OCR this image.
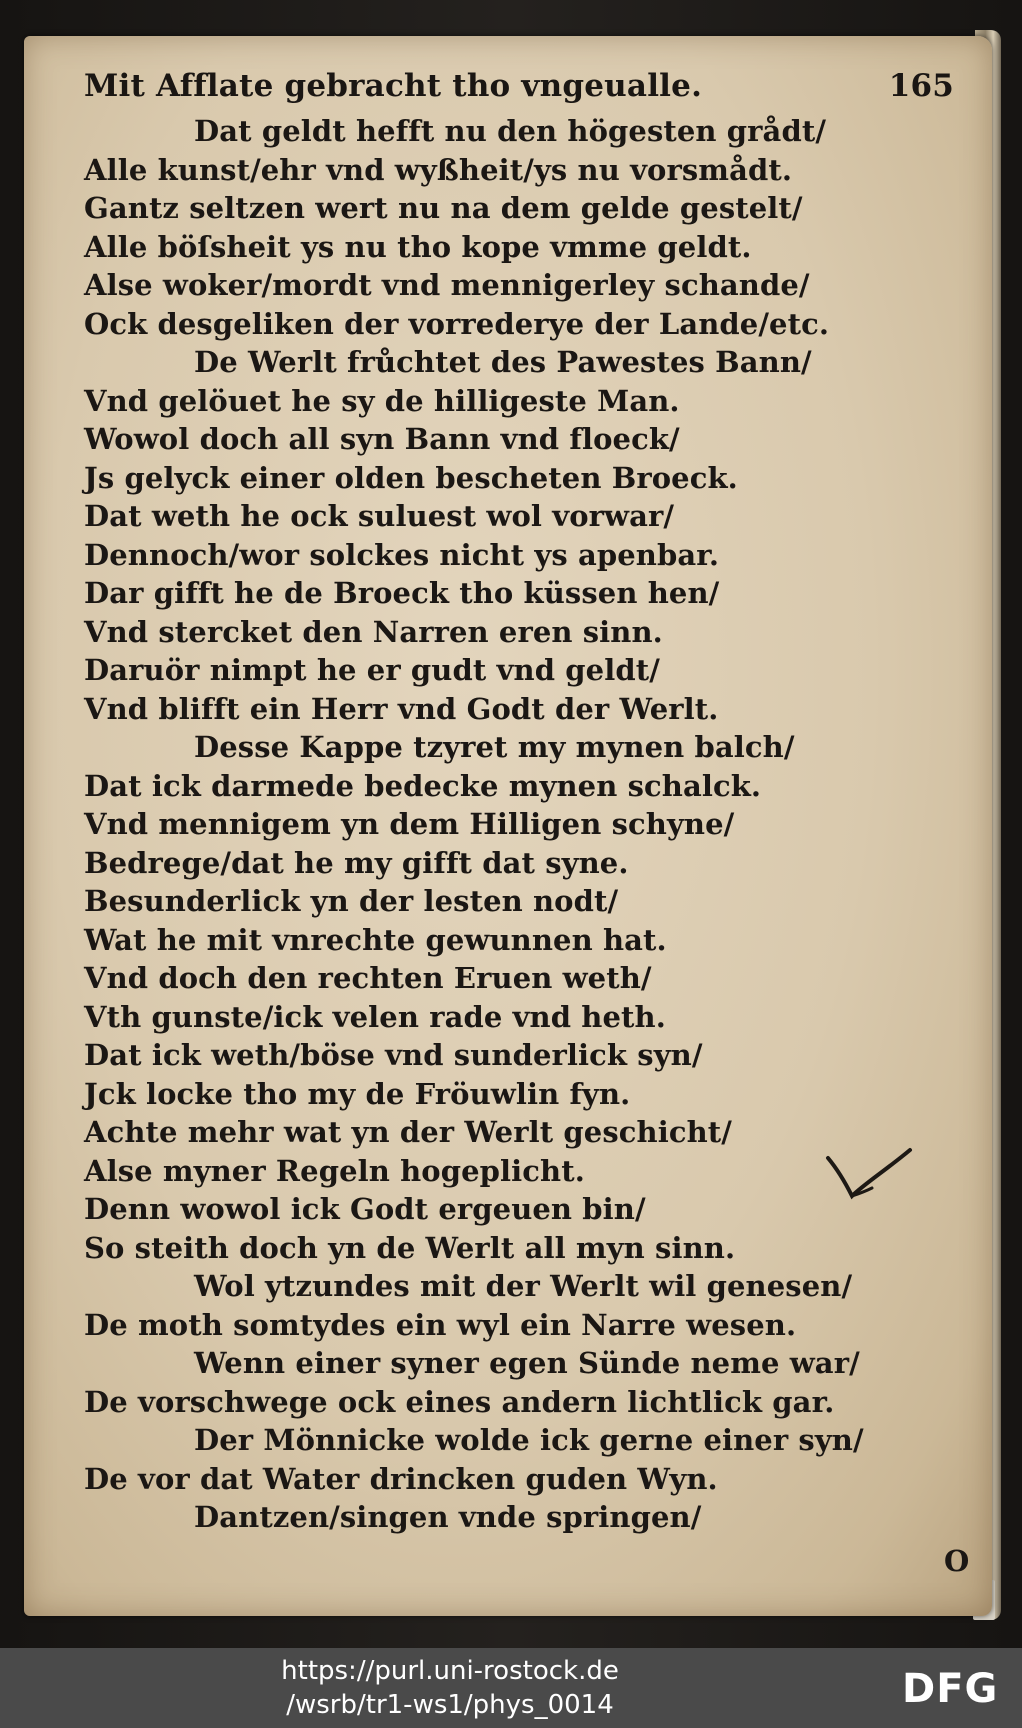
Mit Afflate gebracht tho vngeualle.	165
Dat geldt hefft nu den högesten grådt/
Alle kunst/ehr vnd wyßheit/ys nu vorsmådt.
Gantz seltzen wert nu na dem gelde gestelt/
Alle böſsheit ys nu tho kope vmme geldt.
Alse woker/mordt vnd mennigerley schande/
Ock desgeliken der vorrederye der Lande/etc.
De Werlt frůchtet des Pawestes Bann/
Vnd gelöuet he sy de hilligeste Man.
Wowol doch all syn Bann vnd floeck/
Js gelyck einer olden bescheten Broeck.
Dat weth he ock suluest wol vorwar/
Dennoch/wor solckes nicht ys apenbar.
Dar gifft he de Broeck tho küssen hen/
Vnd stercket den Narren eren sinn.
Daruör nimpt he er gudt vnd geldt/
Vnd blifft ein Herr vnd Godt der Werlt.
Desse Kappe tzyret my mynen balch/
Dat ick darmede bedecke mynen schalck.
Vnd mennigem yn dem Hilligen schyne/
Bedrege/dat he my gifft dat syne.
Besunderlick yn der lesten nodt/
Wat he mit vnrechte gewunnen hat.
Vnd doch den rechten Eruen weth/
Vth gunste/ick velen rade vnd heth.
Dat ick weth/böse vnd sunderlick syn/
Jck locke tho my de Fröuwlin fyn.
Achte mehr wat yn der Werlt geschicht/
Alse myner Regeln hogeplicht.
Denn wowol ick Godt ergeuen bin/
So steith doch yn de Werlt all myn sinn.
Wol ytzundes mit der Werlt wil genesen/
De moth somtydes ein wyl ein Narre wesen.
Wenn einer syner egen Sünde neme war/
De vorschwege ock eines andern lichtlick gar.
Der Mönnicke wolde ick gerne einer syn/
De vor dat Water drincken guden Wyn.
Dantzen/singen vnde springen/
O
https://purl.uni-rostock.de
/wsrb/tr1-ws1/phys_0014	DFG
